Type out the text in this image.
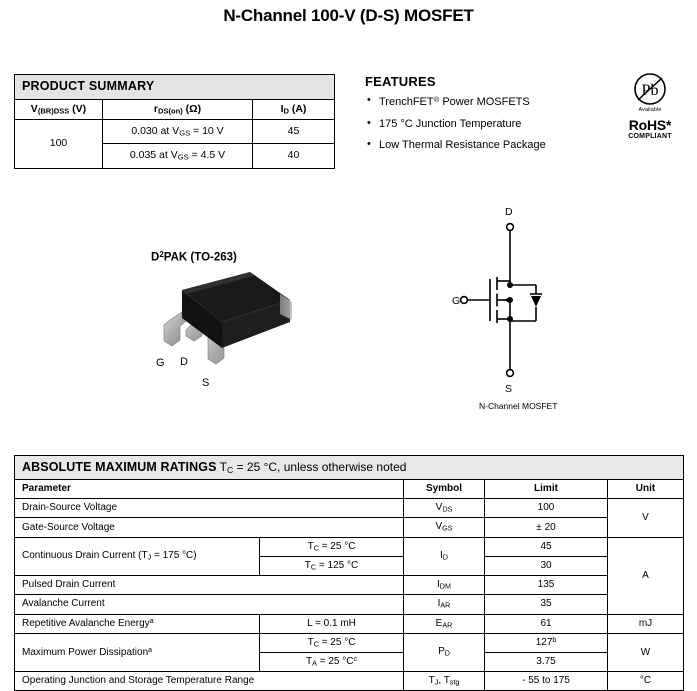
N-Channel 100-V (D-S) MOSFET
PRODUCT SUMMARY		
$V_{(BR)DSS}$ (V)	$r_{DS(on)}$ (Ω)	$I_D$ (A)
100	0.030 at $V_{GS} = 10$ V	45
	0.035 at $V_{GS} = 4.5$ V	40
FEATURES
• TrenchFET® Power MOSFETS
• 175 °C Junction Temperature
• Low Thermal Resistance Package
Pb
Available
RoHS*
COMPLIANT
$D^2PAK$ (TO-263)
G D
S
D
S
G
N-Channel MOSFET
ABSOLUTE MAXIMUM RATINGS $T_C = 25$ °C, unless otherwise noted				
Parameter		Symbol	Limit	Unit
Drain-Source Voltage		$V_{DS}$	100	V
Gate-Source Voltage		$V_{GS}$	± 20	
Continuous Drain Current ($T_J = 175$ °C)	$T_C = 25$ °C	$I_D$	45	A
	$T_C = 125$ °C		30	
Pulsed Drain Current		$I_{DM}$	135	
Avalanche Current		$I_{AR}$	35	
Repetitive Avalanche Energy$^a$	L = 0.1 mH	$E_{AR}$	61	mJ
Maximum Power Dissipation$^a$	$T_C = 25$ °C	$P_D$	127$^b$	W
	$T_A = 25$ $^\circ C^c$		3.75	
Operating Junction and Storage Temperature Range		$T_J$, $T_{stg}$	- 55 to 175	°C
